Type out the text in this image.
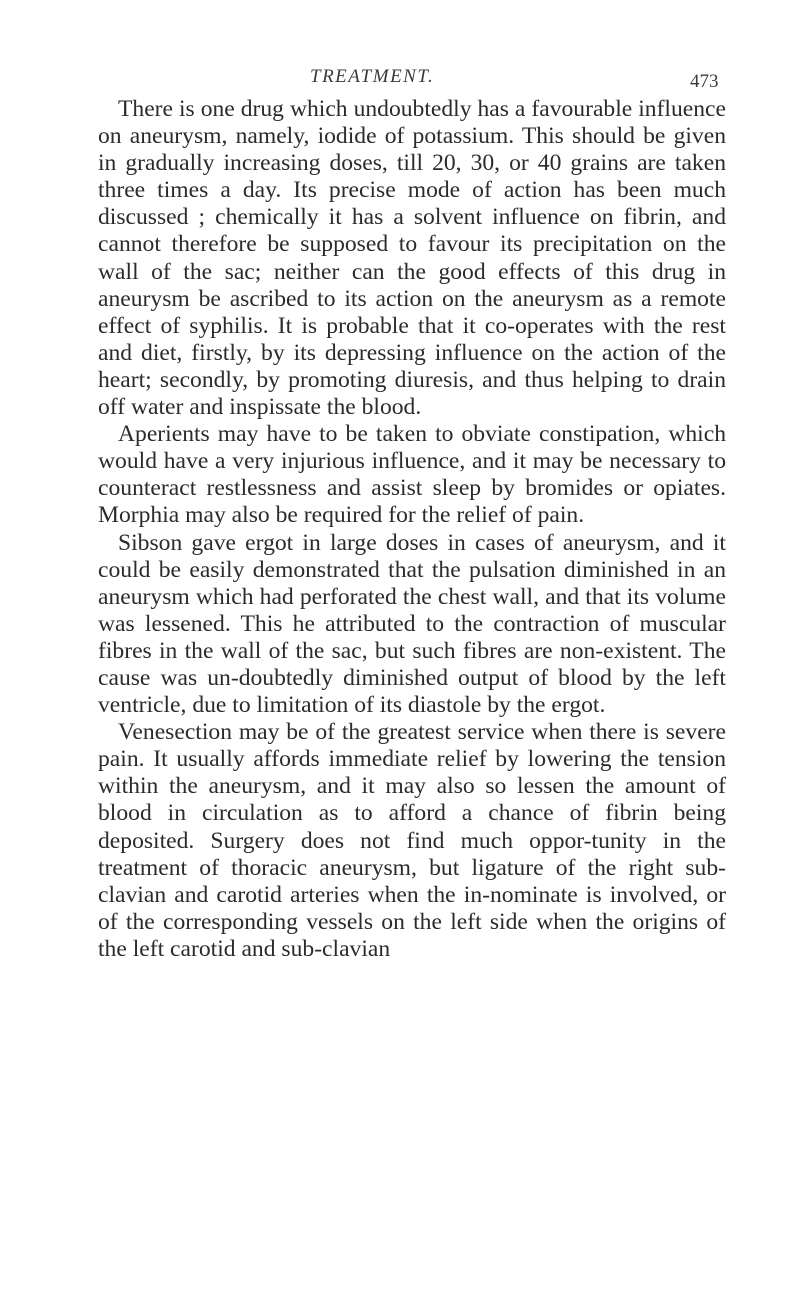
TREATMENT.	473

There is one drug which undoubtedly has a favourable influence on aneurysm, namely, iodide of potassium. This should be given in gradually increasing doses, till 20, 30, or 40 grains are taken three times a day. Its precise mode of action has been much discussed ; chemically it has a solvent influence on fibrin, and cannot therefore be supposed to favour its precipitation on the wall of the sac; neither can the good effects of this drug in aneurysm be ascribed to its action on the aneurysm as a remote effect of syphilis. It is probable that it co-operates with the rest and diet, firstly, by its depressing influence on the action of the heart; secondly, by promoting diuresis, and thus helping to drain off water and inspissate the blood.

Aperients may have to be taken to obviate constipation, which would have a very injurious influence, and it may be necessary to counteract restlessness and assist sleep by bromides or opiates. Morphia may also be required for the relief of pain.

Sibson gave ergot in large doses in cases of aneurysm, and it could be easily demonstrated that the pulsation diminished in an aneurysm which had perforated the chest wall, and that its volume was lessened. This he attributed to the contraction of muscular fibres in the wall of the sac, but such fibres are non-existent. The cause was un-doubtedly diminished output of blood by the left ventricle, due to limitation of its diastole by the ergot.

Venesection may be of the greatest service when there is severe pain. It usually affords immediate relief by lowering the tension within the aneurysm, and it may also so lessen the amount of blood in circulation as to afford a chance of fibrin being deposited. Surgery does not find much oppor-tunity in the treatment of thoracic aneurysm, but ligature of the right sub-clavian and carotid arteries when the in-nominate is involved, or of the corresponding vessels on the left side when the origins of the left carotid and sub-clavian
